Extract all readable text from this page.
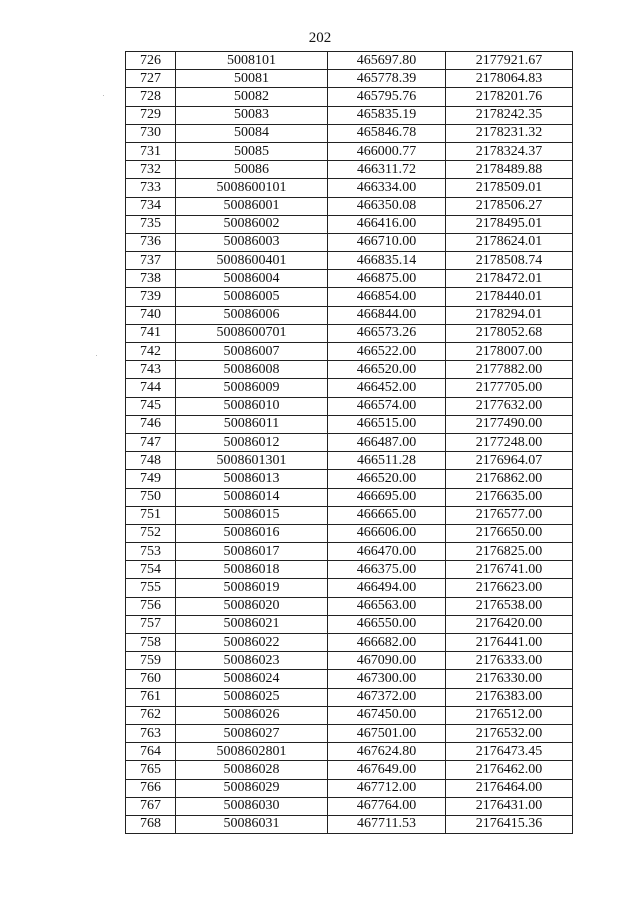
202
726	5008101	465697.80	2177921.67
727	50081	465778.39	2178064.83
728	50082	465795.76	2178201.76
729	50083	465835.19	2178242.35
730	50084	465846.78	2178231.32
731	50085	466000.77	2178324.37
732	50086	466311.72	2178489.88
733	5008600101	466334.00	2178509.01
734	50086001	466350.08	2178506.27
735	50086002	466416.00	2178495.01
736	50086003	466710.00	2178624.01
737	5008600401	466835.14	2178508.74
738	50086004	466875.00	2178472.01
739	50086005	466854.00	2178440.01
740	50086006	466844.00	2178294.01
741	5008600701	466573.26	2178052.68
742	50086007	466522.00	2178007.00
743	50086008	466520.00	2177882.00
744	50086009	466452.00	2177705.00
745	50086010	466574.00	2177632.00
746	50086011	466515.00	2177490.00
747	50086012	466487.00	2177248.00
748	5008601301	466511.28	2176964.07
749	50086013	466520.00	2176862.00
750	50086014	466695.00	2176635.00
751	50086015	466665.00	2176577.00
752	50086016	466606.00	2176650.00
753	50086017	466470.00	2176825.00
754	50086018	466375.00	2176741.00
755	50086019	466494.00	2176623.00
756	50086020	466563.00	2176538.00
757	50086021	466550.00	2176420.00
758	50086022	466682.00	2176441.00
759	50086023	467090.00	2176333.00
760	50086024	467300.00	2176330.00
761	50086025	467372.00	2176383.00
762	50086026	467450.00	2176512.00
763	50086027	467501.00	2176532.00
764	5008602801	467624.80	2176473.45
765	50086028	467649.00	2176462.00
766	50086029	467712.00	2176464.00
767	50086030	467764.00	2176431.00
768	50086031	467711.53	2176415.36
